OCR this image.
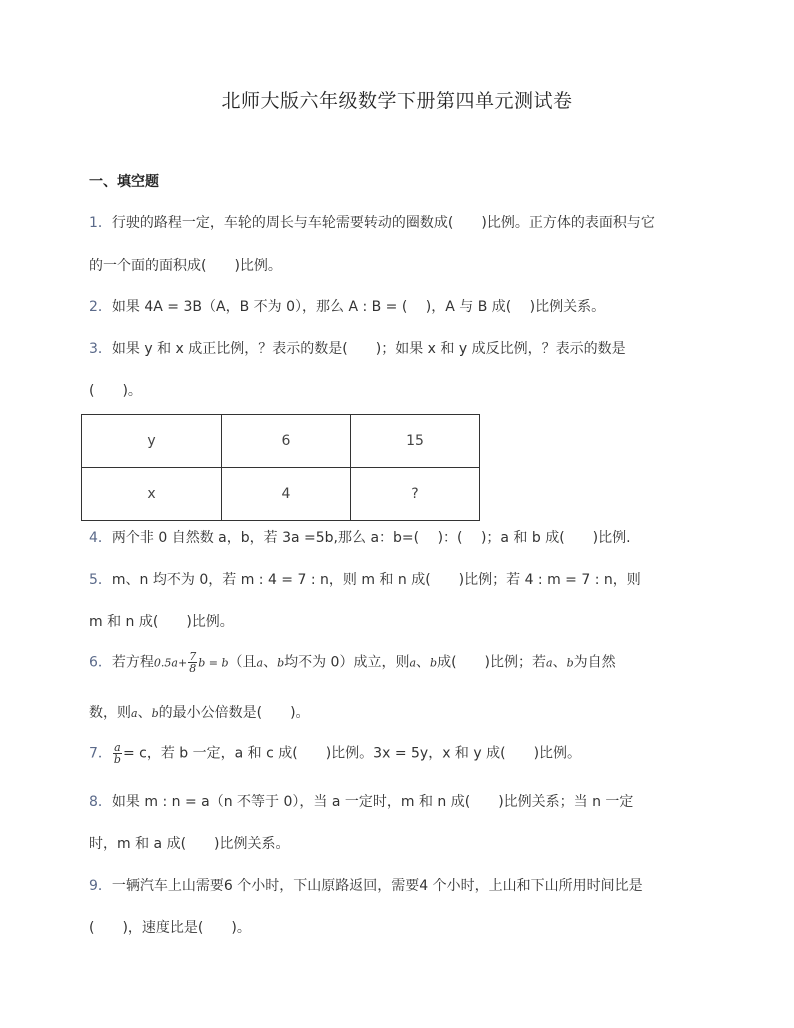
北师大版六年级数学下册第四单元测试卷
一、填空题
1．行驶的路程一定，车轮的周长与车轮需要转动的圈数成(　　)比例。正方体的表面积与它
的一个面的面积成(　　)比例。
2．如果 4A = 3B（A，B 不为 0），那么 A : B = (　 )，A 与 B 成(　 )比例关系。
3．如果 y 和 x 成正比例，？表示的数是(　　)；如果 x 和 y 成反比例，？表示的数是
(　　)。
y	6	15
x	4	?
4．两个非 0 自然数 a，b，若 3a =5b,那么 a：b=(　 )：(　 )；a 和 b 成(　　)比例.
5．m、n 均不为 0，若 m : 4 = 7 : n，则 m 和 n 成(　　)比例；若 4 : m = 7 : n，则
m 和 n 成(　　)比例。
6．若方程$0.5a+ \frac{7}{8}$ b = b（且a、b均不为 0）成立，则a、b成(　　)比例；若a、b为自然
数，则a、b的最小公倍数是(　　)。
7． $\frac{a}{b} = c$，若 b 一定，a 和 c 成(　　)比例。3x = 5y，x 和 y 成(　　)比例。
8．如果 m : n = a（n 不等于 0），当 a 一定时，m 和 n 成(　　)比例关系；当 n 一定
时，m 和 a 成(　　)比例关系。
9．一辆汽车上山需要6 个小时，下山原路返回，需要4 个小时，上山和下山所用时间比是
(　　)，速度比是(　　)。
